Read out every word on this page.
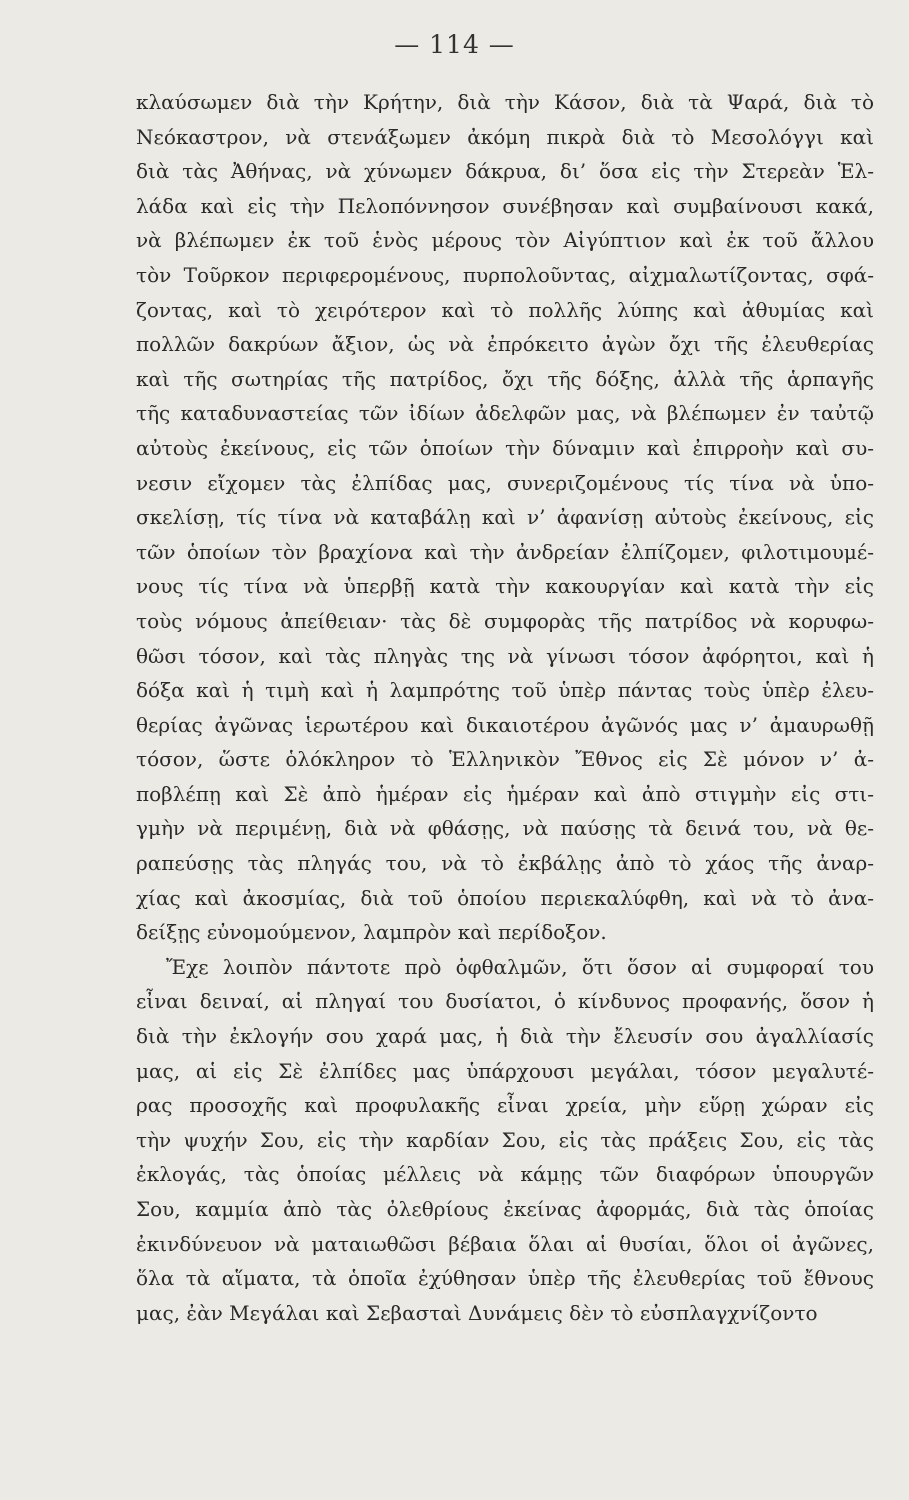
— 114 —
κλαύσωμεν διὰ τὴν Κρήτην, διὰ τὴν Κάσον, διὰ τὰ Ψαρά, διὰ τὸ
Νεόκαστρον, νὰ στενάξωμεν ἀκόμη πικρὰ διὰ τὸ Μεσολόγγι καὶ
διὰ τὰς Ἀθήνας, νὰ χύνωμεν δάκρυα, δι’ ὅσα εἰς τὴν Στερεὰν Ἑλ-
λάδα καὶ εἰς τὴν Πελοπόννησον συνέβησαν καὶ συμβαίνουσι κακά,
νὰ βλέπωμεν ἐκ τοῦ ἑνὸς μέρους τὸν Αἰγύπτιον καὶ ἐκ τοῦ ἄλλου
τὸν Τοῦρκον περιφερομένους, πυρπολοῦντας, αἰχμαλωτίζοντας, σφά-
ζοντας, καὶ τὸ χειρότερον καὶ τὸ πολλῆς λύπης καὶ ἀθυμίας καὶ
πολλῶν δακρύων ἄξιον, ὡς νὰ ἐπρόκειτο ἀγὼν ὄχι τῆς ἐλευθερίας
καὶ τῆς σωτηρίας τῆς πατρίδος, ὄχι τῆς δόξης, ἀλλὰ τῆς ἁρπαγῆς
τῆς καταδυναστείας τῶν ἰδίων ἀδελφῶν μας, νὰ βλέπωμεν ἐν ταὐτῷ
αὐτοὺς ἐκείνους, εἰς τῶν ὁποίων τὴν δύναμιν καὶ ἐπιρροὴν καὶ συ-
νεσιν εἴχομεν τὰς ἐλπίδας μας, συνεριζομένους τίς τίνα νὰ ὑπο-
σκελίσῃ, τίς τίνα νὰ καταβάλῃ καὶ ν’ ἀφανίσῃ αὐτοὺς ἐκείνους, εἰς
τῶν ὁποίων τὸν βραχίονα καὶ τὴν ἀνδρείαν ἐλπίζομεν, φιλοτιμουμέ-
νους τίς τίνα νὰ ὑπερβῇ κατὰ τὴν κακουργίαν καὶ κατὰ τὴν εἰς
τοὺς νόμους ἀπείθειαν· τὰς δὲ συμφορὰς τῆς πατρίδος νὰ κορυφω-
θῶσι τόσον, καὶ τὰς πληγὰς της νὰ γίνωσι τόσον ἀφόρητοι, καὶ ἡ
δόξα καὶ ἡ τιμὴ καὶ ἡ λαμπρότης τοῦ ὑπὲρ πάντας τοὺς ὑπὲρ ἐλευ-
θερίας ἀγῶνας ἱερωτέρου καὶ δικαιοτέρου ἀγῶνός μας ν’ ἀμαυρωθῇ
τόσον, ὥστε ὁλόκληρον τὸ Ἑλληνικὸν Ἔθνος εἰς Σὲ μόνον ν’ ἀ-
ποβλέπῃ καὶ Σὲ ἀπὸ ἡμέραν εἰς ἡμέραν καὶ ἀπὸ στιγμὴν εἰς στι-
γμὴν νὰ περιμένῃ, διὰ νὰ φθάσῃς, νὰ παύσῃς τὰ δεινά του, νὰ θε-
ραπεύσῃς τὰς πληγάς του, νὰ τὸ ἐκβάλῃς ἀπὸ τὸ χάος τῆς ἀναρ-
χίας καὶ ἀκοσμίας, διὰ τοῦ ὁποίου περιεκαλύφθη, καὶ νὰ τὸ ἀνα-
δείξῃς εὐνομούμενον, λαμπρὸν καὶ περίδοξον.
Ἔχε λοιπὸν πάντοτε πρὸ ὀφθαλμῶν, ὅτι ὅσον αἱ συμφοραί του
εἶναι δειναί, αἱ πληγαί του δυσίατοι, ὁ κίνδυνος προφανής, ὅσον ἡ
διὰ τὴν ἐκλογήν σου χαρά μας, ἡ διὰ τὴν ἔλευσίν σου ἀγαλλίασίς
μας, αἱ εἰς Σὲ ἐλπίδες μας ὑπάρχουσι μεγάλαι, τόσον μεγαλυτέ-
ρας προσοχῆς καὶ προφυλακῆς εἶναι χρεία, μὴν εὕρῃ χώραν εἰς
τὴν ψυχήν Σου, εἰς τὴν καρδίαν Σου, εἰς τὰς πράξεις Σου, εἰς τὰς
ἐκλογάς, τὰς ὁποίας μέλλεις νὰ κάμῃς τῶν διαφόρων ὑπουργῶν
Σου, καμμία ἀπὸ τὰς ὀλεθρίους ἐκείνας ἀφορμάς, διὰ τὰς ὁποίας
ἐκινδύνευον νὰ ματαιωθῶσι βέβαια ὅλαι αἱ θυσίαι, ὅλοι οἱ ἀγῶνες,
ὅλα τὰ αἵματα, τὰ ὁποῖα ἐχύθησαν ὑπὲρ τῆς ἐλευθερίας τοῦ ἔθνους
μας, ἐὰν Μεγάλαι καὶ Σεβασταὶ Δυνάμεις δὲν τὸ εὐσπλαγχνίζοντο
